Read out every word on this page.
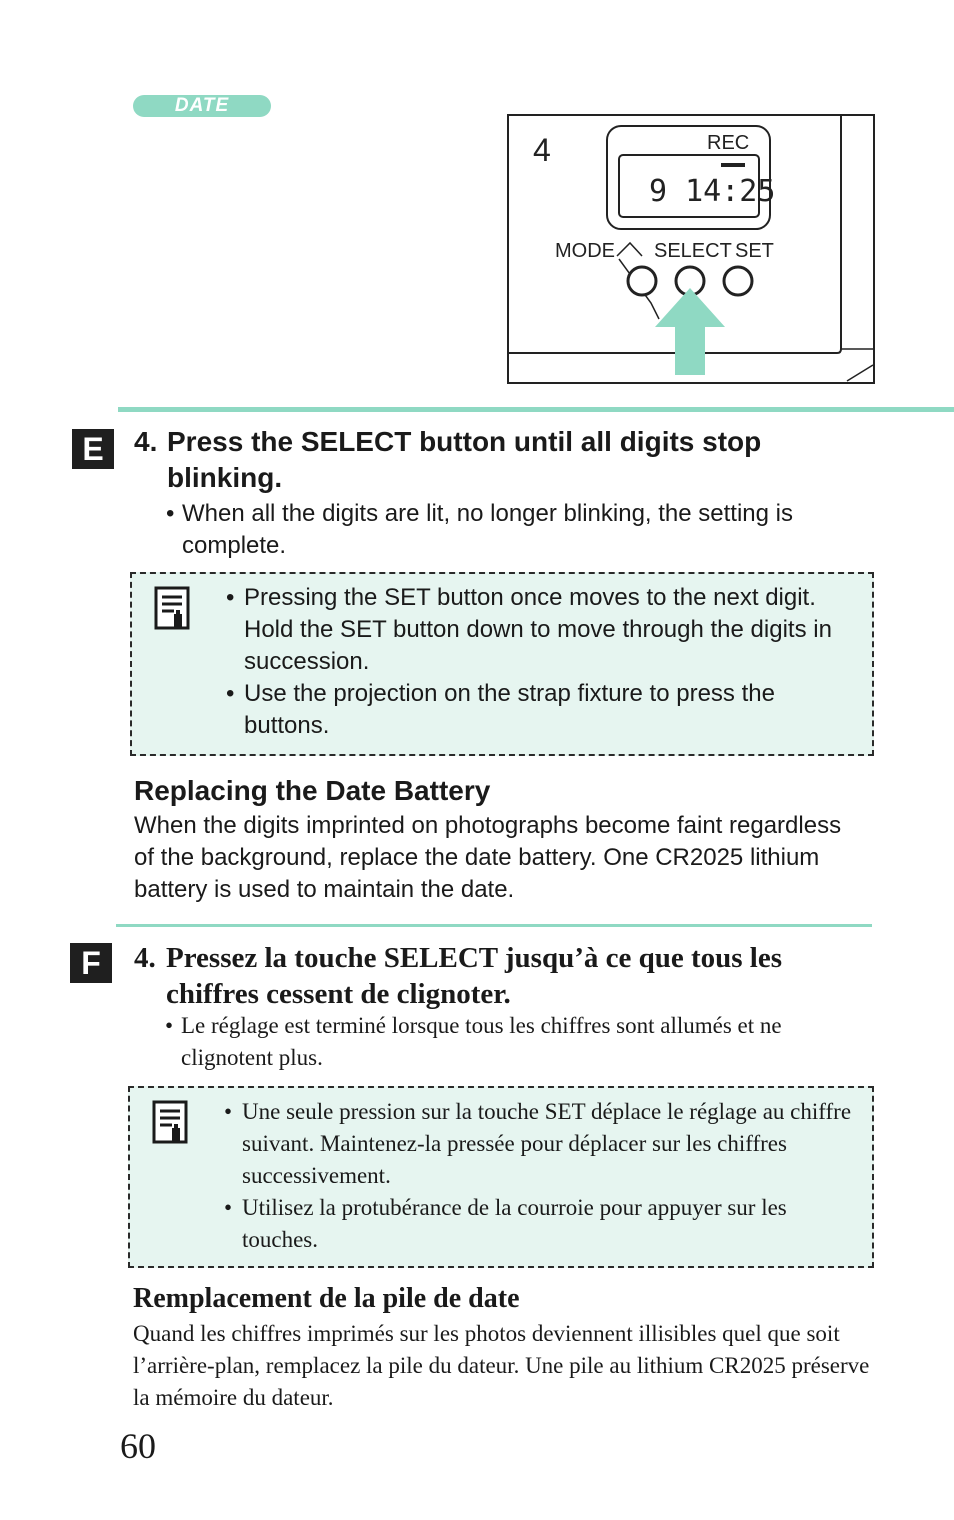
DATE
4	REC
9 14:25
MODE SELECT SET
E	4. Press the SELECT button until all digits stop
blinking.
• When all the digits are lit, no longer blinking, the setting is complete.
• Pressing the SET button once moves to the next digit. Hold the SET button down to move through the digits in succession.
• Use the projection on the strap fixture to press the buttons.
Replacing the Date Battery
When the digits imprinted on photographs become faint regardless of the background, replace the date battery. One CR2025 lithium battery is used to maintain the date.
F	4. Pressez la touche SELECT jusqu’à ce que tous les
chiffres cessent de clignoter.
• Le réglage est terminé lorsque tous les chiffres sont allumés et ne clignotent plus.
• Une seule pression sur la touche SET déplace le réglage au chiffre suivant. Maintenez-la pressée pour déplacer sur les chiffres successivement.
• Utilisez la protubérance de la courroie pour appuyer sur les touches.
Remplacement de la pile de date
Quand les chiffres imprimés sur les photos deviennent illisibles quel que soit l’arrière-plan, remplacez la pile du dateur. Une pile au lithium CR2025 préserve la mémoire du dateur.
60
